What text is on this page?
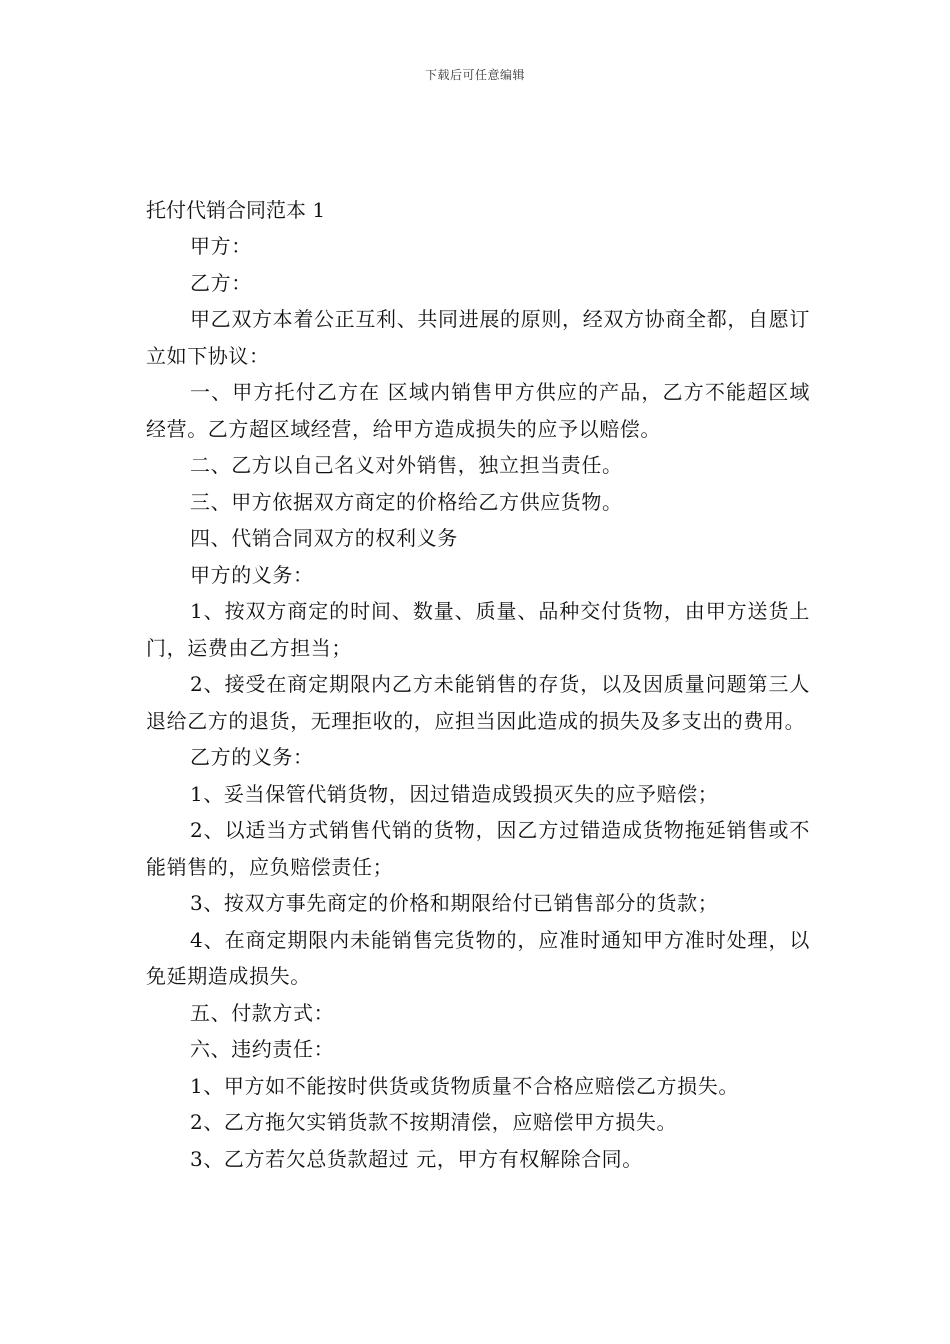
下载后可任意编辑

托付代销合同范本 1

甲方：

乙方：

甲乙双方本着公正互利、共同进展的原则，经双方协商全都，自愿订立如下协议：

一、甲方托付乙方在 区域内销售甲方供应的产品，乙方不能超区域经营。乙方超区域经营，给甲方造成损失的应予以赔偿。

二、乙方以自己名义对外销售，独立担当责任。

三、甲方依据双方商定的价格给乙方供应货物。

四、代销合同双方的权利义务

甲方的义务：

1、按双方商定的时间、数量、质量、品种交付货物，由甲方送货上门，运费由乙方担当；

2、接受在商定期限内乙方未能销售的存货，以及因质量问题第三人退给乙方的退货，无理拒收的，应担当因此造成的损失及多支出的费用。

乙方的义务：

1、妥当保管代销货物，因过错造成毁损灭失的应予赔偿；

2、以适当方式销售代销的货物，因乙方过错造成货物拖延销售或不能销售的，应负赔偿责任；

3、按双方事先商定的价格和期限给付已销售部分的货款；

4、在商定期限内未能销售完货物的，应准时通知甲方准时处理，以免延期造成损失。

五、付款方式：

六、违约责任：

1、甲方如不能按时供货或货物质量不合格应赔偿乙方损失。

2、乙方拖欠实销货款不按期清偿，应赔偿甲方损失。

3、乙方若欠总货款超过 元，甲方有权解除合同。
